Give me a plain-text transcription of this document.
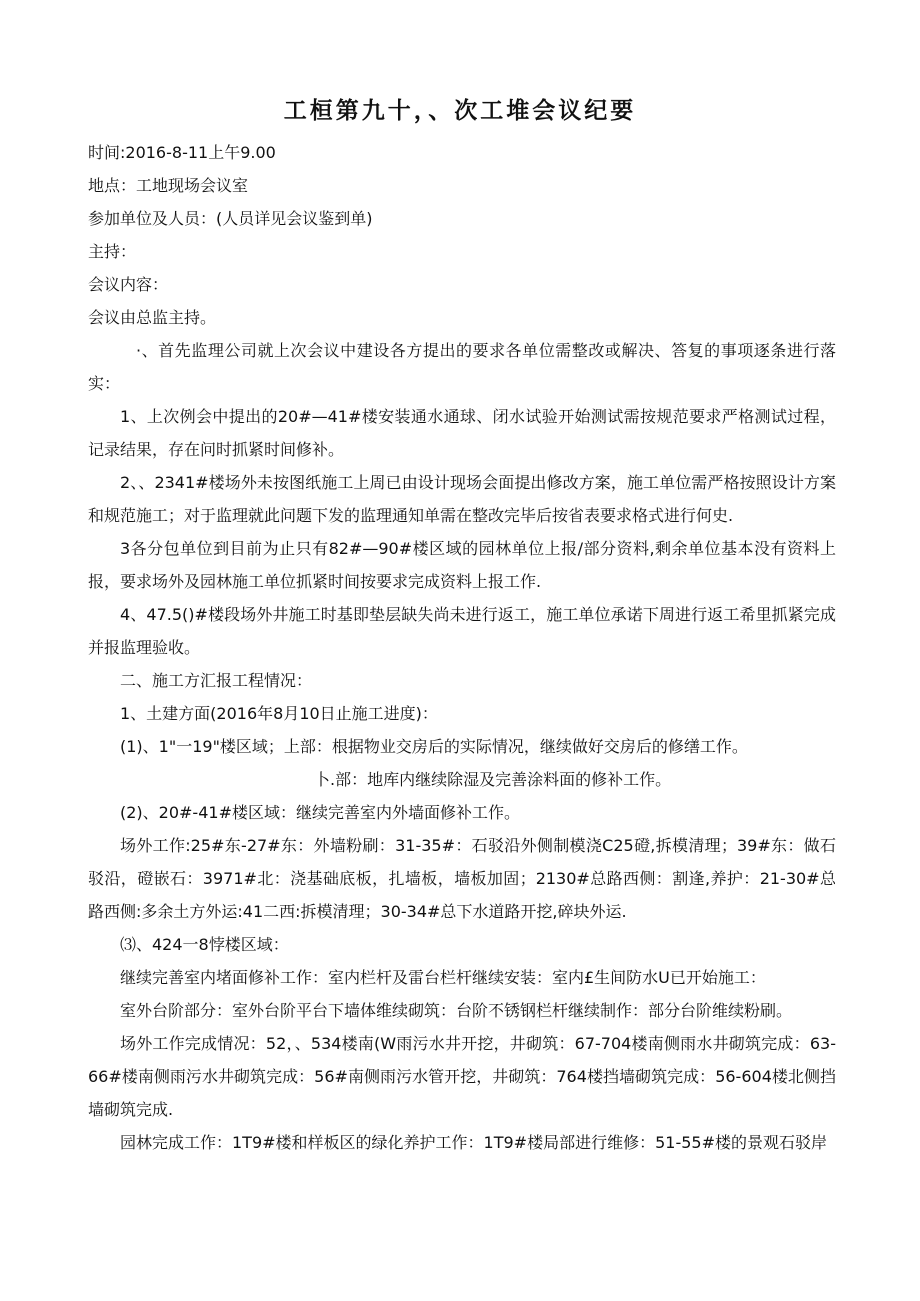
工桓第九十，、次工堆会议纪要

时间:2016-8-11上午9.00

地点：工地现场会议室

参加单位及人员：(人员详见会议鉴到单)

主持：

会议内容：

会议由总监主持。

·、首先监理公司就上次会议中建设各方提出的要求各单位需整改或解决、答复的事项逐条进行落实：

1、上次例会中提出的20#—41#楼安装通水通球、闭水试验开始测试需按规范要求严格测试过程，记录结果，存在问时抓紧时间修补。

2、、2341#楼场外未按图纸施工上周已由设计现场会面提出修改方案，施工单位需严格按照设计方案和规范施工；对于监理就此问题下发的监理通知单需在整改完毕后按省表要求格式进行何史.

3各分包单位到目前为止只有82#—90#楼区域的园林单位上报/部分资料,剩余单位基本没有资料上报，要求场外及园林施工单位抓紧时间按要求完成资料上报工作.

4、47.5()#楼段场外井施工时基即垫层缺失尚未进行返工，施工单位承诺下周进行返工希里抓紧完成并报监理验收。

二、施工方汇报工程情况：

1、土建方面(2016年8月10日止施工进度)：

(1)、1"一19"楼区域；上部：根据物业交房后的实际情况，继续做好交房后的修缮工作。

卜.部：地库内继续除湿及完善涂料面的修补工作。

(2)、20#-41#楼区域：继续完善室内外墙面修补工作。

场外工作:25#东-27#东：外墙粉刷：31-35#：石驳沿外侧制模浇C25磴,拆模清理；39#东：做石驳沿，磴嵌石：3971#北：浇基础底板，扎墙板，墙板加固；2130#总路西侧：割逢,养护：21-30#总路西侧:多余土方外运:41二西:拆模清理；30-34#总下水道路开挖,碎块外运.

⑶、424一8悖楼区域：

继续完善室内堵面修补工作：室内栏杆及雷台栏杆继续安装：室内£生间防水U已开始施工：

室外台阶部分：室外台阶平台下墙体维续砌筑：台阶不锈钢栏杆继续制作：部分台阶维续粉刷。

场外工作完成情况：52，、534楼南(W雨污水井开挖，井砌筑：67-704楼南侧雨水井砌筑完成：63-66#楼南侧雨污水井砌筑完成：56#南侧雨污水管开挖，井砌筑：764楼挡墙砌筑完成：56-604楼北侧挡墙砌筑完成.

园林完成工作：1T9#楼和样板区的绿化养护工作：1T9#楼局部进行维修：51-55#楼的景观石驳岸
